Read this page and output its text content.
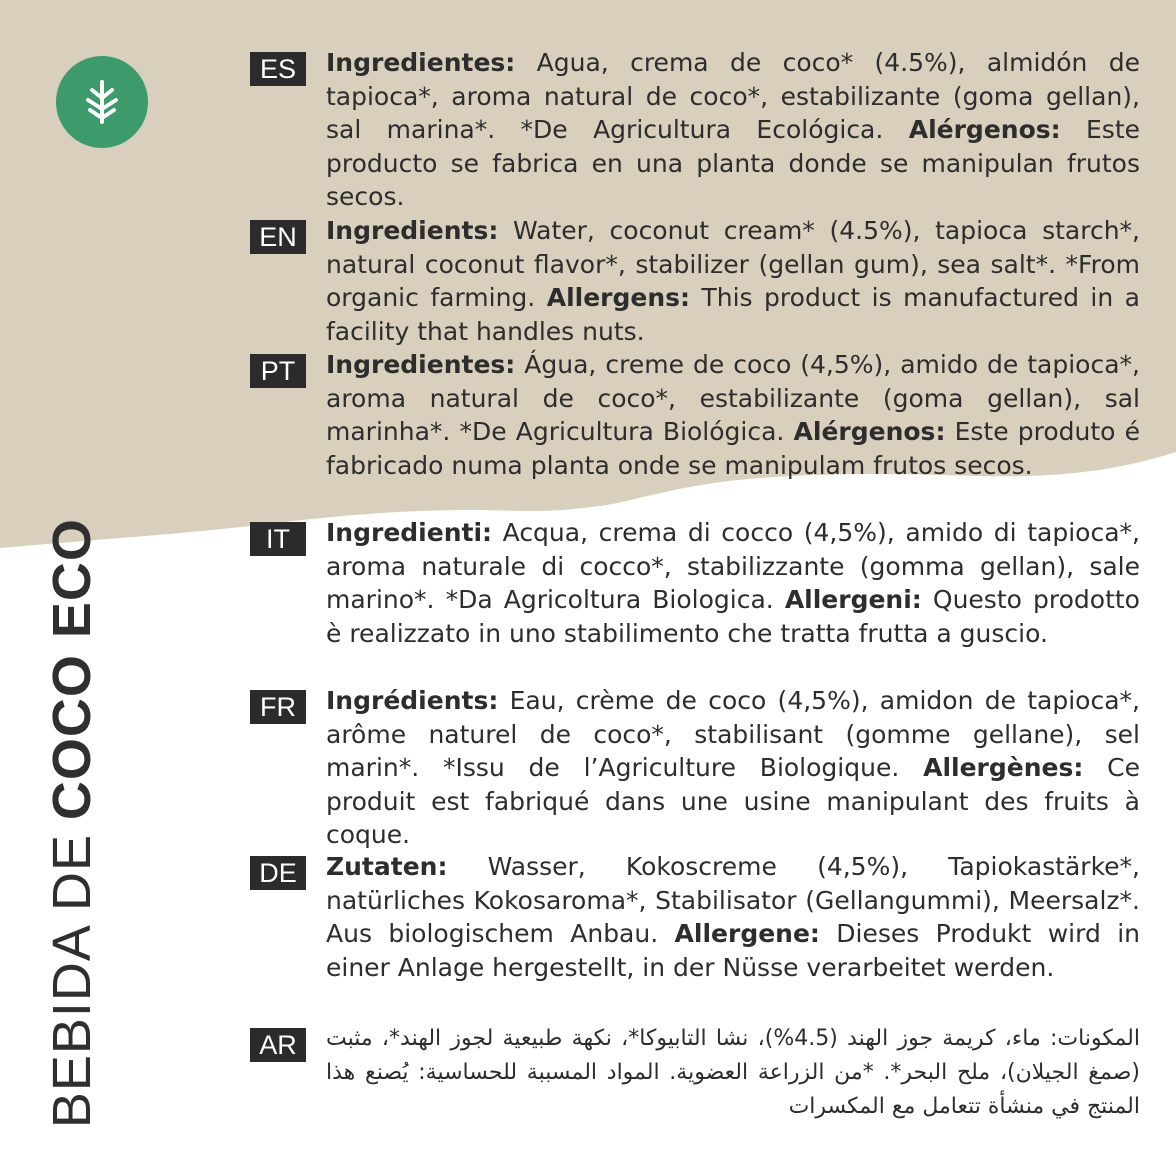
BEBIDA DE
COCO ECO
ES	Ingredientes: Agua, crema de coco* (4.5%), almidón de tapioca*, aroma natural de coco*, estabilizante (goma gellan), sal marina*. *De Agricultura Ecológica. Alérgenos: Este producto se fabrica en una planta donde se manipulan frutos secos.
EN	Ingredients: Water, coconut cream* (4.5%), tapioca starch*, natural coconut flavor*, stabilizer (gellan gum), sea salt*. *From organic farming. Allergens: This product is manufactured in a facility that handles nuts.
PT	Ingredientes: Água, creme de coco (4,5%), amido de tapioca*, aroma natural de coco*, estabilizante (goma gellan), sal marinha*. *De Agricultura Biológica. Alérgenos: Este produto é fabricado numa planta onde se manipulam frutos secos.
IT	Ingredienti: Acqua, crema di cocco (4,5%), amido di tapioca*, aroma naturale di cocco*, stabilizzante (gomma gellan), sale marino*. *Da Agricoltura Biologica. Allergeni: Questo prodotto è realizzato in uno stabilimento che tratta frutta a guscio.
FR	Ingrédients: Eau, crème de coco (4,5%), amidon de tapioca*, arôme naturel de coco*, stabilisant (gomme gellane), sel marin*. *Issu de l’Agriculture Biologique. Allergènes: Ce produit est fabriqué dans une usine manipulant des fruits à coque.
DE	Zutaten: Wasser, Kokoscreme (4,5%), Tapiokastärke*, natürliches Kokosaroma*, Stabilisator (Gellangummi), Meersalz*. Aus biologischem Anbau. Allergene: Dieses Produkt wird in einer Anlage hergestellt, in der Nüsse verarbeitet werden.
AR	المكونات: ماء، كريمة جوز الهند (4.5%)، نشا التابيوكا*، نكهة طبيعية لجوز الهند*، مثبت (صمغ الجيلان)، ملح البحر*. *من الزراعة العضوية. المواد المسببة للحساسية: يُصنع هذا المنتج في منشأة تتعامل مع المكسرات
